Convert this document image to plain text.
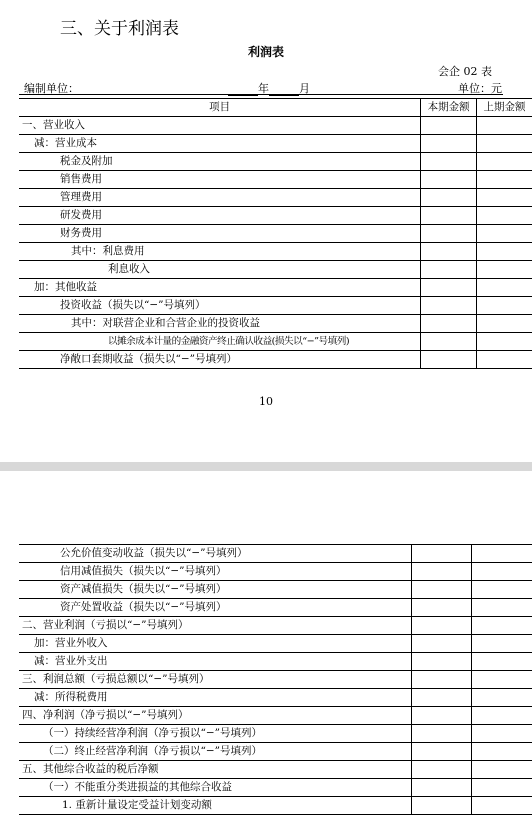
三、关于利润表
利润表
会企 02 表
编制单位：	年	月	单位：元
项目	本期金额	上期金额
一、营业收入		
减：营业成本		
税金及附加		
销售费用		
管理费用		
研发费用		
财务费用		
其中：利息费用		
利息收入		
加：其他收益		
投资收益（损失以“−”号填列）		
其中：对联营企业和合营企业的投资收益		
以摊余成本计量的金融资产终止确认收益(损失以“−”号填列)		
净敞口套期收益（损失以“−”号填列）		
10
公允价值变动收益（损失以“−”号填列）		
信用减值损失（损失以“−”号填列）		
资产减值损失（损失以“−”号填列）		
资产处置收益（损失以“−”号填列）		
二、营业利润（亏损以“−”号填列）		
加：营业外收入		
减：营业外支出		
三、利润总额（亏损总额以“−”号填列）		
减：所得税费用		
四、净利润（净亏损以“−”号填列）		
（一）持续经营净利润（净亏损以“−”号填列）		
（二）终止经营净利润（净亏损以“−”号填列）		
五、其他综合收益的税后净额		
（一）不能重分类进损益的其他综合收益		
1. 重新计量设定受益计划变动额		
